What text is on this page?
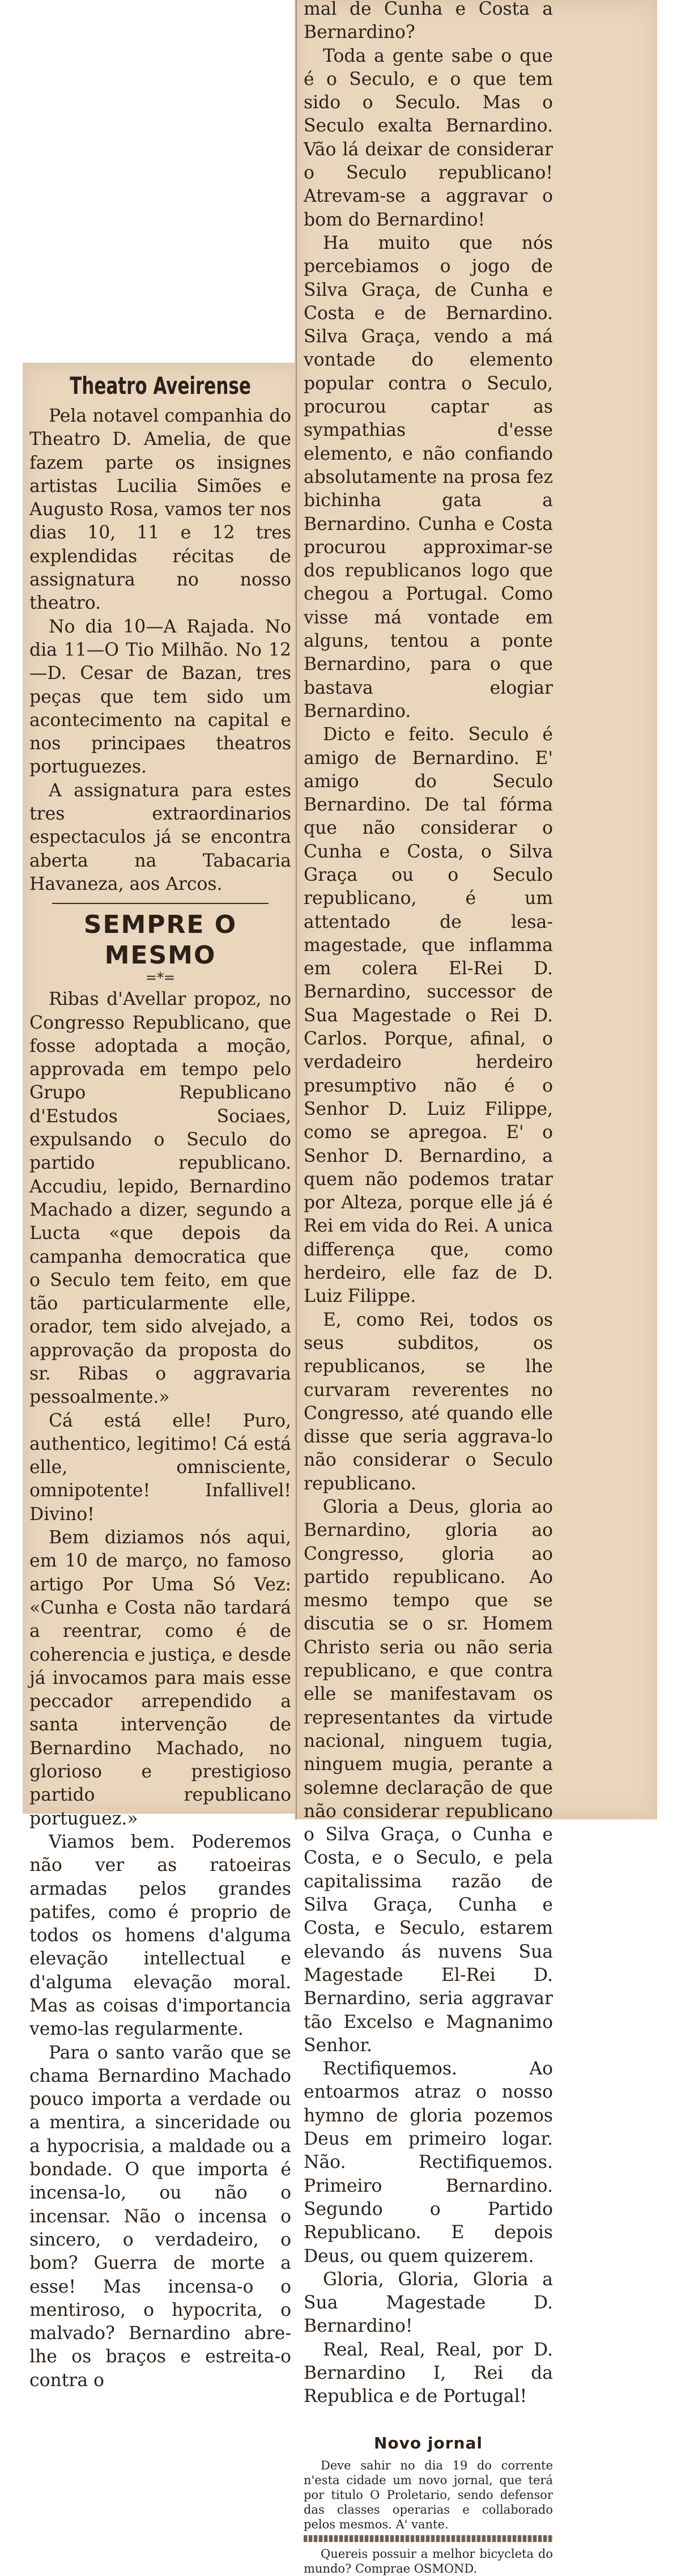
mal de Cunha e Costa a Bernardino?

Toda a gente sabe o que é o Seculo, e o que tem sido o Seculo. Mas o Seculo exalta Bernardino. Vão lá deixar de considerar o Seculo republicano! Atrevam-se a aggravar o bom do Bernardino!

Ha muito que nós percebiamos o jogo de Silva Graça, de Cunha e Costa e de Bernardino. Silva Graça, vendo a má vontade do elemento popular contra o Seculo, procurou captar as sympathias d'esse elemento, e não confiando absolutamente na prosa fez bichinha gata a Bernardino. Cunha e Costa procurou approximar-se dos republicanos logo que chegou a Portugal. Como visse má vontade em alguns, tentou a ponte Bernardino, para o que bastava elogiar Bernardino.

Dicto e feito. Seculo é amigo de Bernardino. E' amigo do Seculo Bernardino. De tal fórma que não considerar o Cunha e Costa, o Silva Graça ou o Seculo republicano, é um attentado de lesa-magestade, que inflamma em colera El-Rei D. Bernardino, successor de Sua Magestade o Rei D. Carlos. Porque, afinal, o verdadeiro herdeiro presumptivo não é o Senhor D. Luiz Filippe, como se apregoa. E' o Senhor D. Bernardino, a quem não podemos tratar por Alteza, porque elle já é Rei em vida do Rei. A unica differença que, como herdeiro, elle faz de D. Luiz Filippe.

E, como Rei, todos os seus subditos, os republicanos, se lhe curvaram reverentes no Congresso, até quando elle disse que seria aggrava-lo não considerar o Seculo republicano.

Gloria a Deus, gloria ao Bernardino, gloria ao Congresso, gloria ao partido republicano. Ao mesmo tempo que se discutia se o sr. Homem Christo seria ou não seria republicano, e que contra elle se manifestavam os representantes da virtude nacional, ninguem tugia, ninguem mugia, perante a solemne declaração de que não considerar republicano o Silva Graça, o Cunha e Costa, e o Seculo, e pela capitalissima razão de Silva Graça, Cunha e Costa, e Seculo, estarem elevando ás nuvens Sua Magestade El-Rei D. Bernardino, seria aggravar tão Excelso e Magnanimo Senhor.

Rectifiquemos. Ao entoarmos atraz o nosso hymno de gloria pozemos Deus em primeiro logar. Não. Rectifiquemos. Primeiro Bernardino. Segundo o Partido Republicano. E depois Deus, ou quem quizerem.

Gloria, Gloria, Gloria a Sua Magestade D. Bernardino!

Real, Real, Real, por D. Bernardino I, Rei da Republica e de Portugal!

Novo jornal

Deve sahir no dia 19 do corrente n'esta cidade um novo jornal, que terá por titulo O Proletario, sendo defensor das classes operarias e collaborado pelos mesmos. A' vante.

Quereis possuir a melhor bicycleta do mundo? Comprae OSMOND.

Theatro Aveirense

Pela notavel companhia do Theatro D. Amelia, de que fazem parte os insignes artistas Lucilia Simões e Augusto Rosa, vamos ter nos dias 10, 11 e 12 tres explendidas récitas de assignatura no nosso theatro.

No dia 10—A Rajada. No dia 11—O Tio Milhão. No 12—D. Cesar de Bazan, tres peças que tem sido um acontecimento na capital e nos principaes theatros portuguezes.

A assignatura para estes tres extraordinarios espectaculos já se encontra aberta na Tabacaria Havaneza, aos Arcos.

SEMPRE O MESMO
=*=

Ribas d'Avellar propoz, no Congresso Republicano, que fosse adoptada a moção, approvada em tempo pelo Grupo Republicano d'Estudos Sociaes, expulsando o Seculo do partido republicano. Accudiu, lepido, Bernardino Machado a dizer, segundo a Lucta «que depois da campanha democratica que o Seculo tem feito, em que tão particularmente elle, orador, tem sido alvejado, a approvação da proposta do sr. Ribas o aggravaria pessoalmente.»

Cá está elle! Puro, authentico, legitimo! Cá está elle, omnisciente, omnipotente! Infallivel! Divino!

Bem diziamos nós aqui, em 10 de março, no famoso artigo Por Uma Só Vez: «Cunha e Costa não tardará a reentrar, como é de coherencia e justiça, e desde já invocamos para mais esse peccador arrependido a santa intervenção de Bernardino Machado, no glorioso e prestigioso partido republicano portuguez.»

Viamos bem. Poderemos não ver as ratoeiras armadas pelos grandes patifes, como é proprio de todos os homens d'alguma elevação intellectual e d'alguma elevação moral. Mas as coisas d'importancia vemo-las regularmente.

Para o santo varão que se chama Bernardino Machado pouco importa a verdade ou a mentira, a sinceridade ou a hypocrisia, a maldade ou a bondade. O que importa é incensa-lo, ou não o incensar. Não o incensa o sincero, o verdadeiro, o bom? Guerra de morte a esse! Mas incensa-o o mentiroso, o hypocrita, o malvado? Bernardino abre-lhe os braços e estreita-o contra o
